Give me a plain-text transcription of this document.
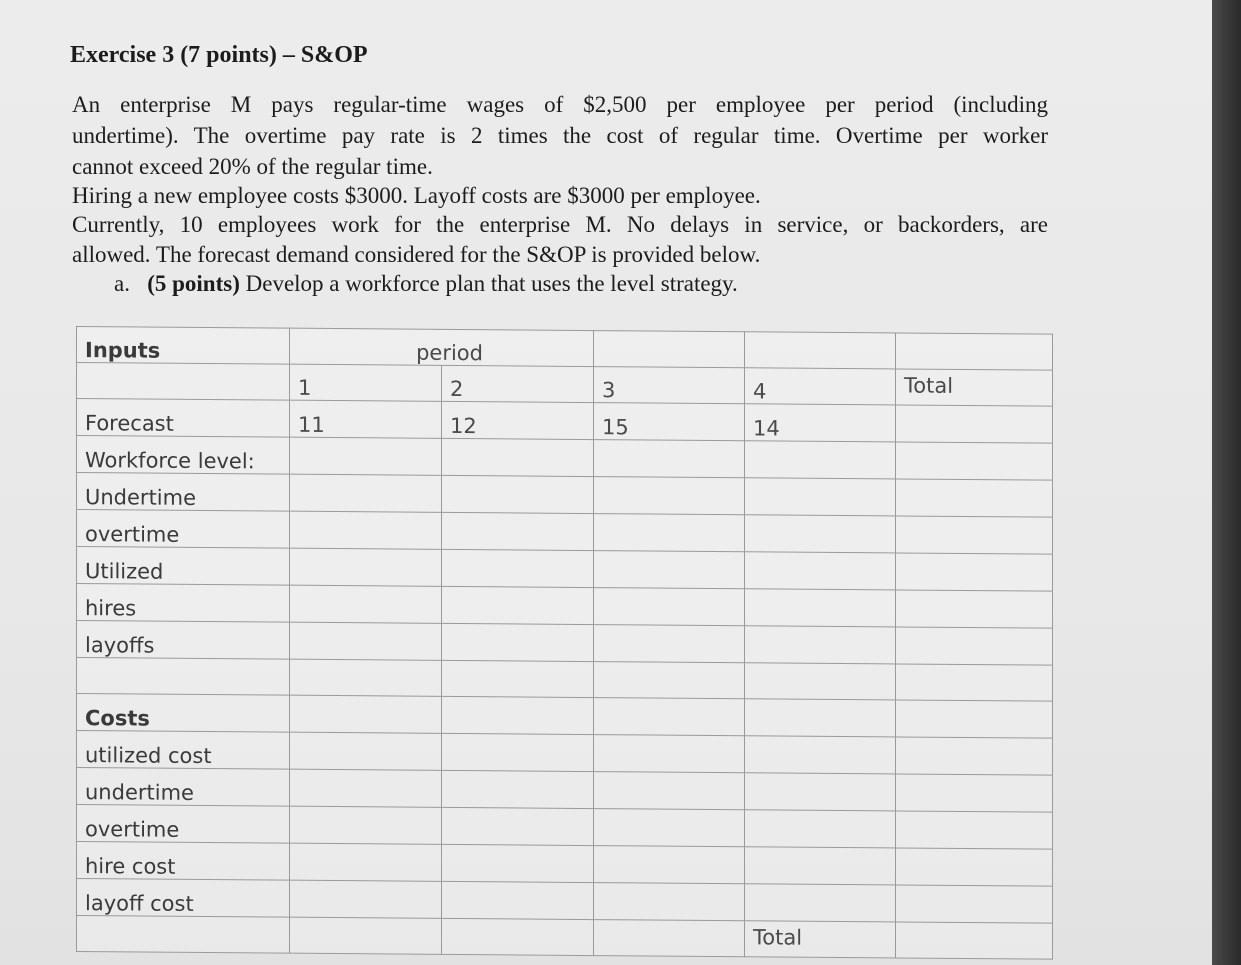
Exercise 3 (7 points) – S&OP
An enterprise M pays regular-time wages of $2,500 per employee per period (including
undertime). The overtime pay rate is 2 times the cost of regular time. Overtime per worker
cannot exceed 20% of the regular time.
Hiring a new employee costs $3000. Layoff costs are $3000 per employee.
Currently, 10 employees work for the enterprise M. No delays in service, or backorders, are
allowed. The forecast demand considered for the S&OP is provided below.
a. (5 points) Develop a workforce plan that uses the level strategy.
Inputs	period				
	1	2	3	4	Total
Forecast	11	12	15	14	
Workforce level:					
Undertime					
overtime					
Utilized					
hires					
layoffs					

Costs					
utilized cost					
undertime					
overtime					
hire cost					
layoff cost					
				Total	
